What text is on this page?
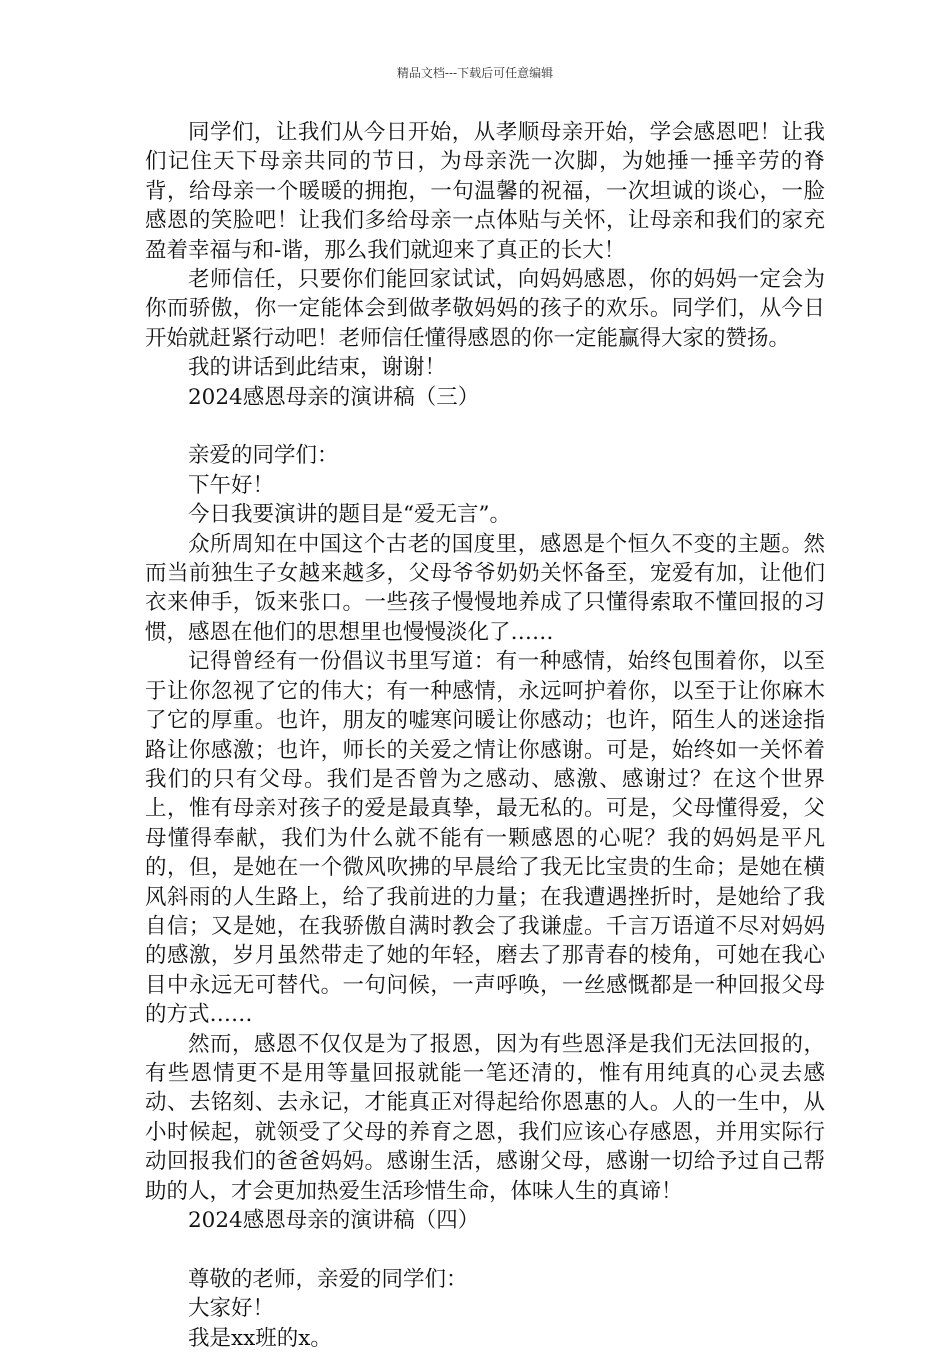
精品文档---下载后可任意编辑

同学们，让我们从今日开始，从孝顺母亲开始，学会感恩吧！让我们记住天下母亲共同的节日，为母亲洗一次脚，为她捶一捶辛劳的脊背，给母亲一个暖暖的拥抱，一句温馨的祝福，一次坦诚的谈心，一脸感恩的笑脸吧！让我们多给母亲一点体贴与关怀，让母亲和我们的家充盈着幸福与和-谐，那么我们就迎来了真正的长大！

老师信任，只要你们能回家试试，向妈妈感恩，你的妈妈一定会为你而骄傲，你一定能体会到做孝敬妈妈的孩子的欢乐。同学们，从今日开始就赶紧行动吧！老师信任懂得感恩的你一定能赢得大家的赞扬。

我的讲话到此结束，谢谢！

2024感恩母亲的演讲稿（三）

亲爱的同学们：

下午好！

今日我要演讲的题目是“爱无言”。

众所周知在中国这个古老的国度里，感恩是个恒久不变的主题。然而当前独生子女越来越多，父母爷爷奶奶关怀备至，宠爱有加，让他们衣来伸手，饭来张口。一些孩子慢慢地养成了只懂得索取不懂回报的习惯，感恩在他们的思想里也慢慢淡化了……

记得曾经有一份倡议书里写道：有一种感情，始终包围着你，以至于让你忽视了它的伟大；有一种感情，永远呵护着你，以至于让你麻木了它的厚重。也许，朋友的嘘寒问暖让你感动；也许，陌生人的迷途指路让你感激；也许，师长的关爱之情让你感谢。可是，始终如一关怀着我们的只有父母。我们是否曾为之感动、感激、感谢过？在这个世界上，惟有母亲对孩子的爱是最真挚，最无私的。可是，父母懂得爱，父母懂得奉献，我们为什么就不能有一颗感恩的心呢？我的妈妈是平凡的，但，是她在一个微风吹拂的早晨给了我无比宝贵的生命；是她在横风斜雨的人生路上，给了我前进的力量；在我遭遇挫折时，是她给了我自信；又是她，在我骄傲自满时教会了我谦虚。千言万语道不尽对妈妈的感激，岁月虽然带走了她的年轻，磨去了那青春的棱角，可她在我心目中永远无可替代。一句问候，一声呼唤，一丝感慨都是一种回报父母的方式……

然而，感恩不仅仅是为了报恩，因为有些恩泽是我们无法回报的，有些恩情更不是用等量回报就能一笔还清的，惟有用纯真的心灵去感动、去铭刻、去永记，才能真正对得起给你恩惠的人。人的一生中，从小时候起，就领受了父母的养育之恩，我们应该心存感恩，并用实际行动回报我们的爸爸妈妈。感谢生活，感谢父母，感谢一切给予过自己帮助的人，才会更加热爱生活珍惜生命，体味人生的真谛！

2024感恩母亲的演讲稿（四）

尊敬的老师，亲爱的同学们：

大家好！

我是xx班的x。
